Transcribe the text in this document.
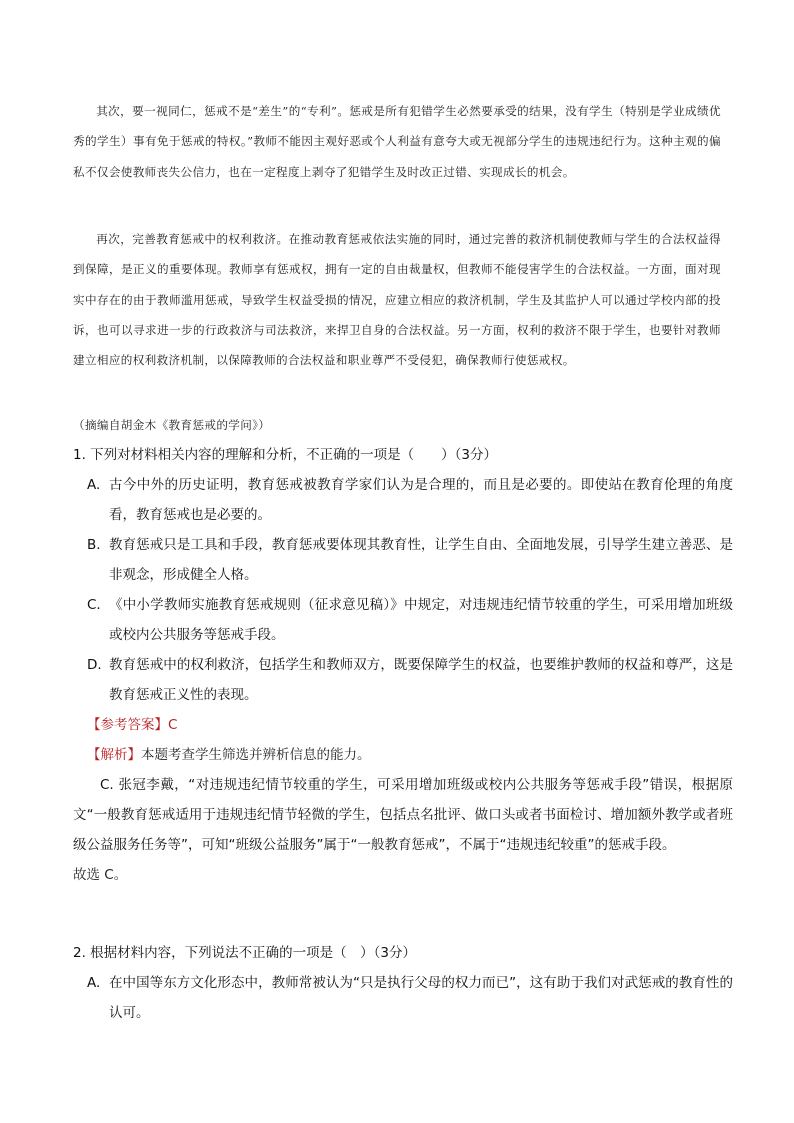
其次，要一视同仁，惩戒不是“差生”的“专利”。惩戒是所有犯错学生必然要承受的结果，没有学生（特别是学业成绩优秀的学生）事有免于惩戒的特权。”教师不能因主观好恶或个人利益有意夸大或无视部分学生的违规违纪行为。这种主观的偏私不仅会使教师丧失公信力，也在一定程度上剥夺了犯错学生及时改正过错、实现成长的机会。

再次，完善教育惩戒中的权利救济。在推动教育惩戒依法实施的同时，通过完善的救济机制使教师与学生的合法权益得到保障，是正义的重要体现。教师享有惩戒权，拥有一定的自由裁量权，但教师不能侵害学生的合法权益。一方面，面对现实中存在的由于教师滥用惩戒，导致学生权益受损的情况，应建立相应的救济机制，学生及其监护人可以通过学校内部的投诉，也可以寻求进一步的行政救济与司法救济，来捍卫自身的合法权益。另一方面，权利的救济不限于学生，也要针对教师建立相应的权利救济机制，以保障教师的合法权益和职业尊严不受侵犯，确保教师行使惩戒权。

（摘编自胡金木《教育惩戒的学问》）
1. 下列对材料相关内容的理解和分析，不正确的一项是（　　）（3分）
A. 古今中外的历史证明，教育惩戒被教育学家们认为是合理的，而且是必要的。即使站在教育伦理的角度看，教育惩戒也是必要的。
B. 教育惩戒只是工具和手段，教育惩戒要体现其教育性，让学生自由、全面地发展，引导学生建立善恶、是非观念，形成健全人格。
C. 《中小学教师实施教育惩戒规则（征求意见稿）》中规定，对违规违纪情节较重的学生，可采用增加班级或校内公共服务等惩戒手段。
D. 教育惩戒中的权利救济，包括学生和教师双方，既要保障学生的权益，也要维护教师的权益和尊严，这是教育惩戒正义性的表现。
【参考答案】C
【解析】本题考查学生筛选并辨析信息的能力。
C. 张冠李戴，“对违规违纪情节较重的学生，可采用增加班级或校内公共服务等惩戒手段”错误，根据原文“一般教育惩戒适用于违规违纪情节轻微的学生，包括点名批评、做口头或者书面检讨、增加额外教学或者班级公益服务任务等”，可知“班级公益服务”属于“一般教育惩戒”，不属于“违规违纪较重”的惩戒手段。
故选 C。
2. 根据材料内容，下列说法不正确的一项是（　）（3分）
A. 在中国等东方文化形态中，教师常被认为“只是执行父母的权力而已”，这有助于我们对武惩戒的教育性的认可。
